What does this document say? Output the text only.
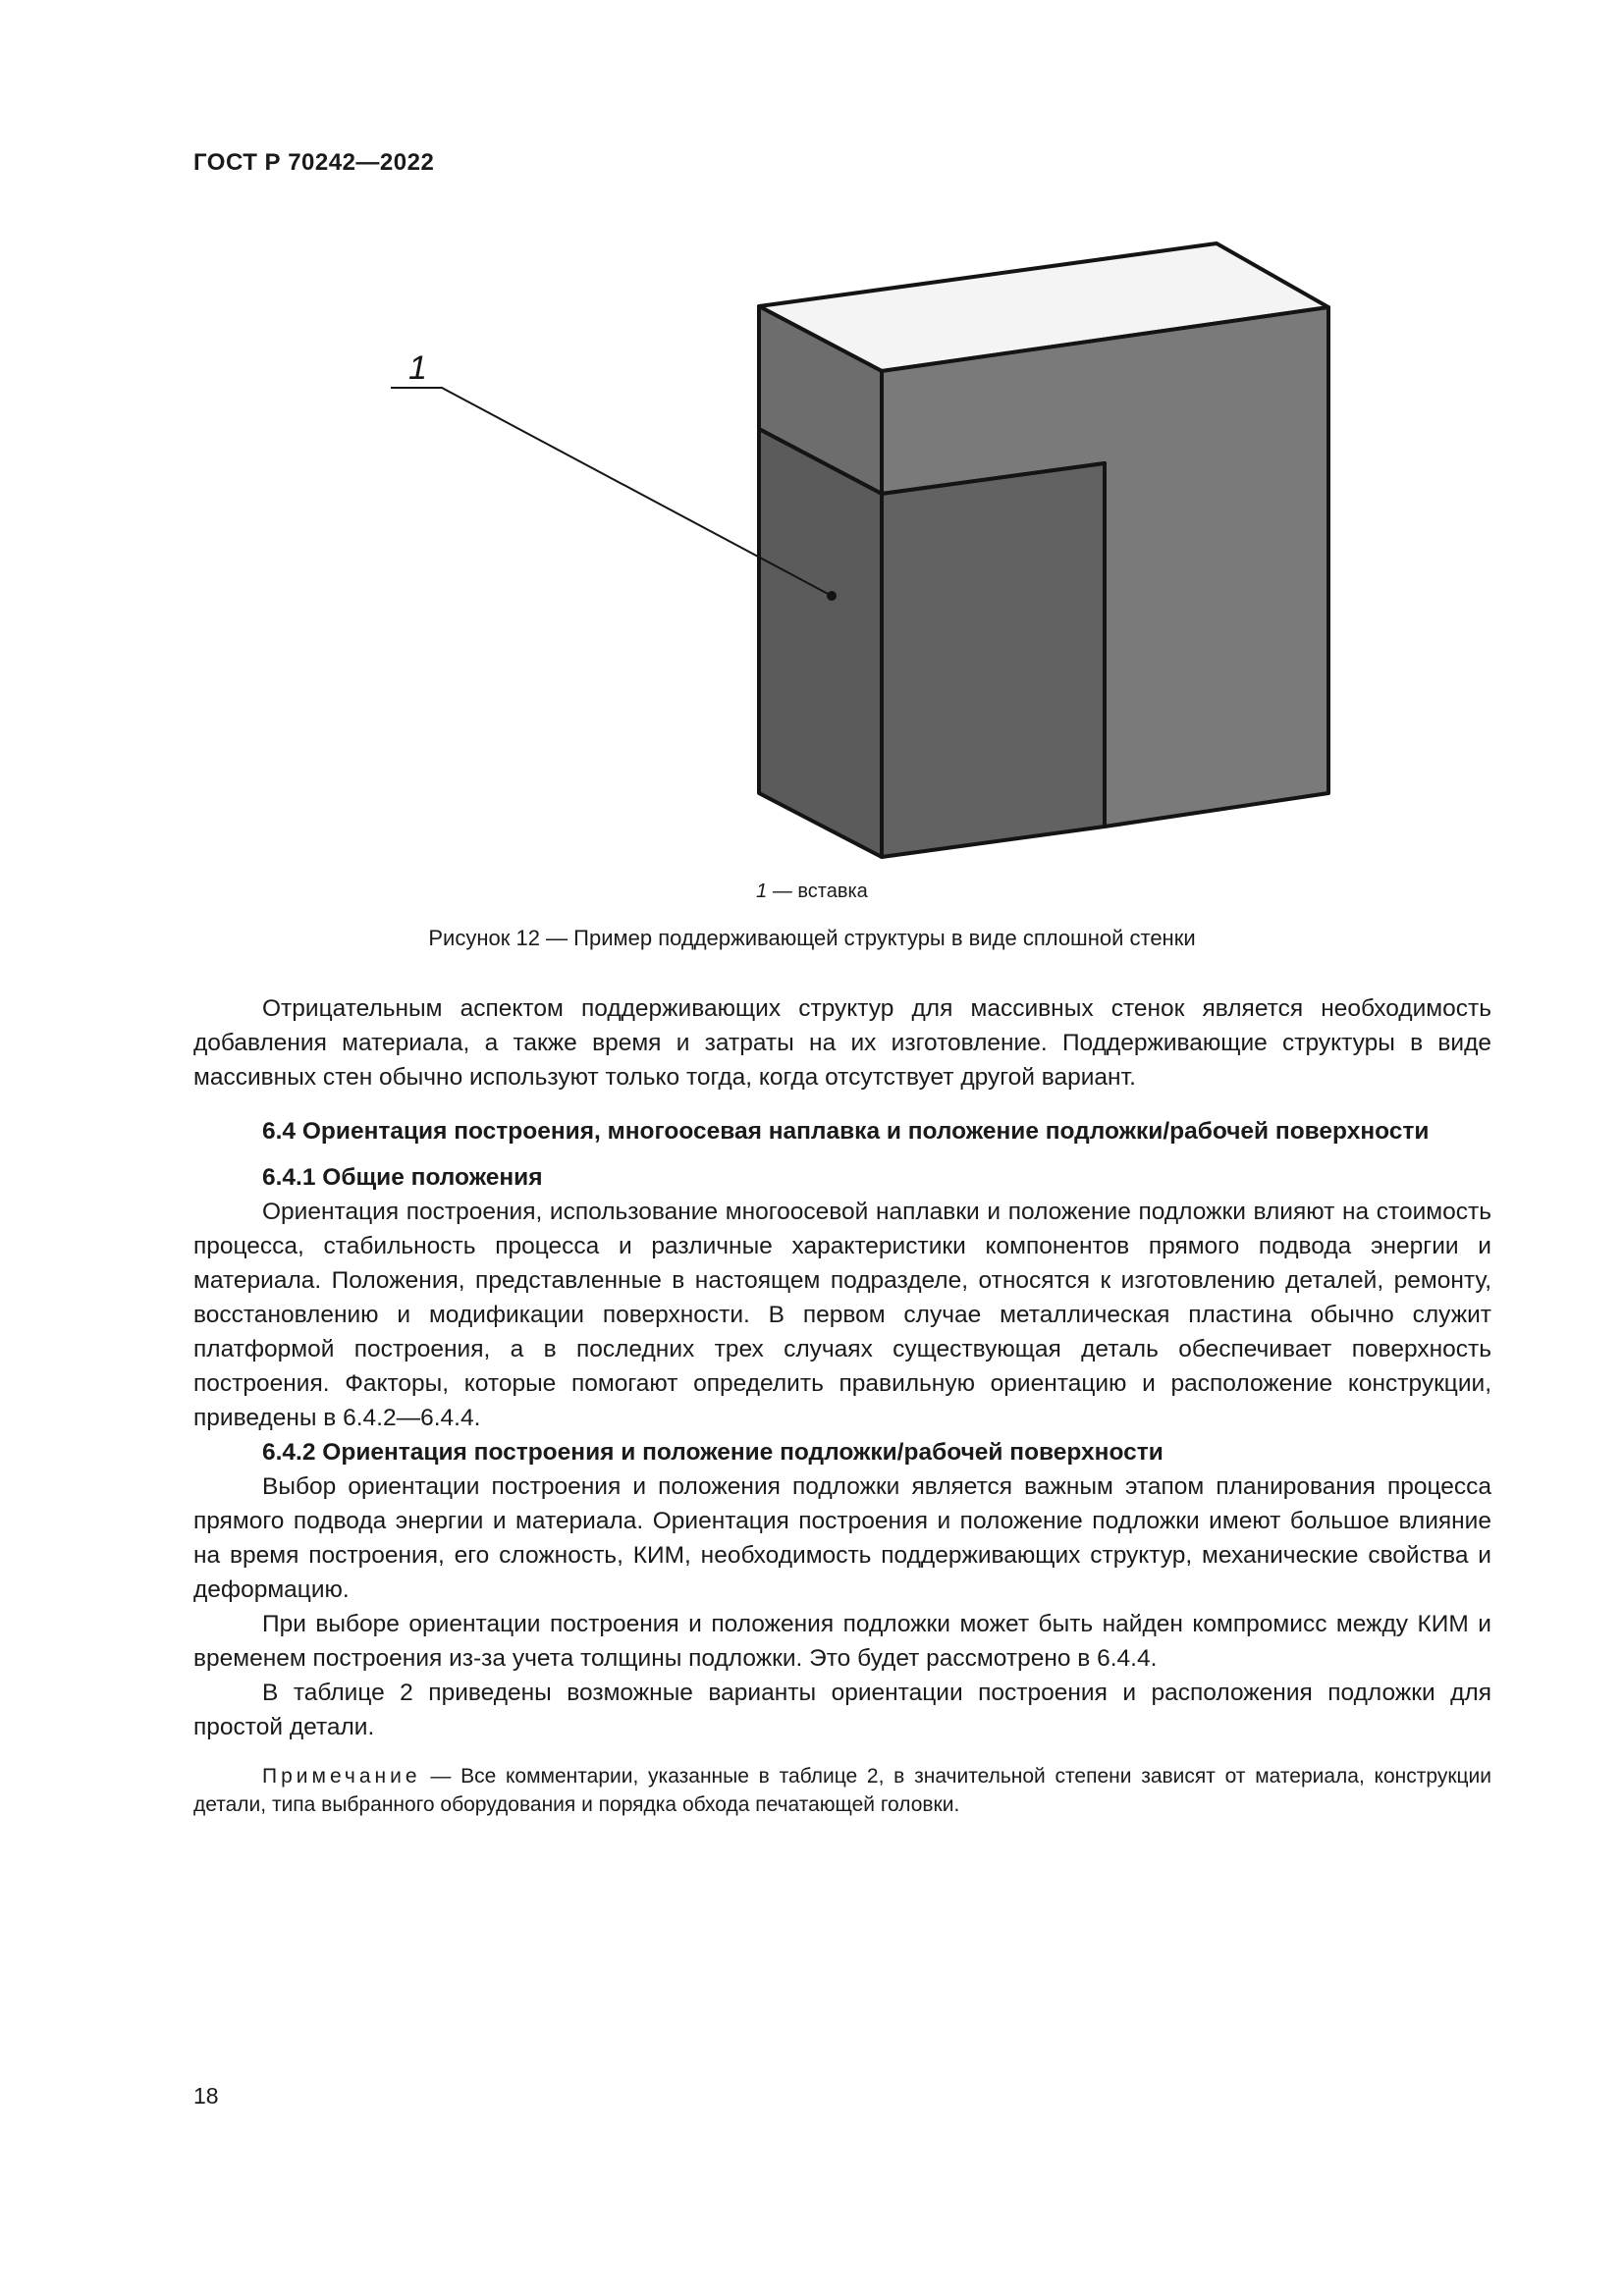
ГОСТ Р 70242—2022
1
1 — вставка
Рисунок 12 — Пример поддерживающей структуры в виде сплошной стенки

Отрицательным аспектом поддерживающих структур для массивных стенок является необходимость добавления материала, а также время и затраты на их изготовление. Поддерживающие структуры в виде массивных стен обычно используют только тогда, когда отсутствует другой вариант.

6.4 Ориентация построения, многоосевая наплавка и положение подложки/рабочей поверхности
6.4.1 Общие положения

Ориентация построения, использование многоосевой наплавки и положение подложки влияют на стоимость процесса, стабильность процесса и различные характеристики компонентов прямого подвода энергии и материала. Положения, представленные в настоящем подразделе, относятся к изготовлению деталей, ремонту, восстановлению и модификации поверхности. В первом случае металлическая пластина обычно служит платформой построения, а в последних трех случаях существующая деталь обеспечивает поверхность построения. Факторы, которые помогают определить правильную ориентацию и расположение конструкции, приведены в 6.4.2—6.4.4.

6.4.2 Ориентация построения и положение подложки/рабочей поверхности

Выбор ориентации построения и положения подложки является важным этапом планирования процесса прямого подвода энергии и материала. Ориентация построения и положение подложки имеют большое влияние на время построения, его сложность, КИМ, необходимость поддерживающих структур, механические свойства и деформацию.

При выборе ориентации построения и положения подложки может быть найден компромисс между КИМ и временем построения из-за учета толщины подложки. Это будет рассмотрено в 6.4.4.

В таблице 2 приведены возможные варианты ориентации построения и расположения подложки для простой детали.

Примечание — Все комментарии, указанные в таблице 2, в значительной степени зависят от материала, конструкции детали, типа выбранного оборудования и порядка обхода печатающей головки.
18
